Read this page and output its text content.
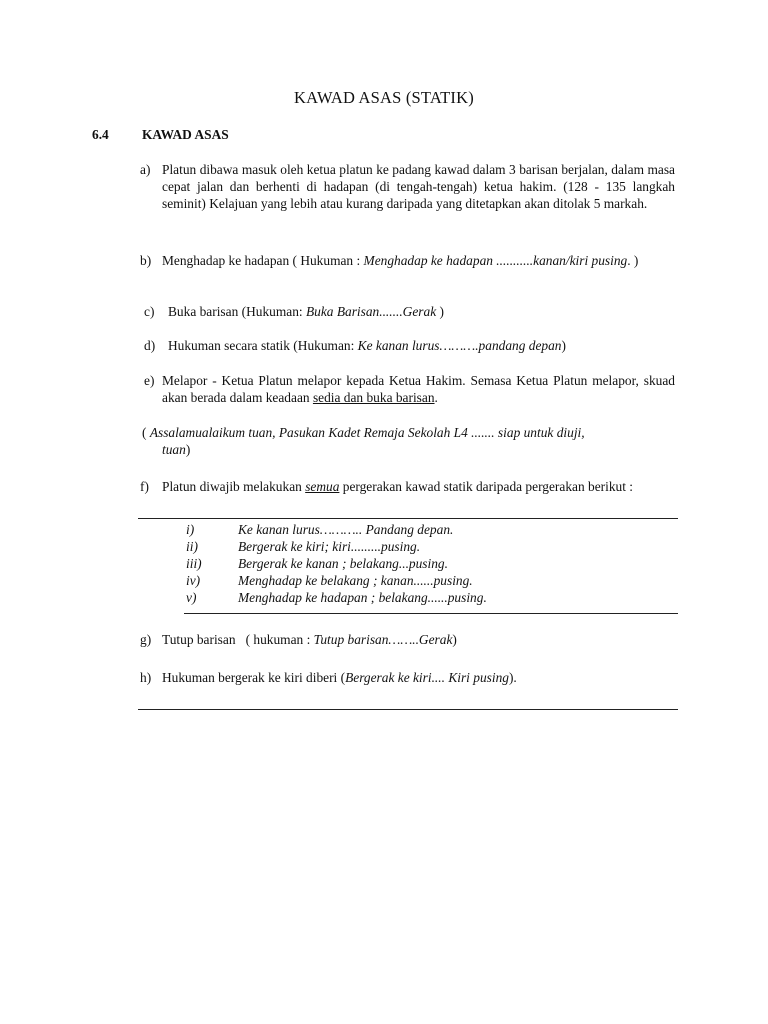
KAWAD ASAS (STATIK)
6.4 KAWAD ASAS
a) Platun dibawa masuk oleh ketua platun ke padang kawad dalam 3 barisan berjalan, dalam masa cepat jalan dan berhenti di hadapan (di tengah-tengah) ketua hakim. (128 - 135 langkah seminit) Kelajuan yang lebih atau kurang daripada yang ditetapkan akan ditolak 5 markah.
b) Menghadap ke hadapan ( Hukuman : Menghadap ke hadapan ...........kanan/kiri pusing. )
c) Buka barisan (Hukuman: Buka Barisan.......Gerak )
d) Hukuman secara statik (Hukuman: Ke kanan lurus……….pandang depan)
e) Melapor - Ketua Platun melapor kepada Ketua Hakim. Semasa Ketua Platun melapor, skuad akan berada dalam keadaan sedia dan buka barisan.
( Assalamualaikum tuan, Pasukan Kadet Remaja Sekolah L4 ....... siap untuk diuji,
tuan)
f) Platun diwajib melakukan semua pergerakan kawad statik daripada pergerakan berikut :
i)	Ke kanan lurus……….. Pandang depan.
ii)	Bergerak ke kiri; kiri.........pusing.
iii)	Bergerak ke kanan ; belakang...pusing.
iv)	Menghadap ke belakang ; kanan......pusing.
v)	Menghadap ke hadapan ; belakang......pusing.
g) Tutup barisan   ( hukuman : Tutup barisan……..Gerak)
h) Hukuman bergerak ke kiri diberi (Bergerak ke kiri.... Kiri pusing).
